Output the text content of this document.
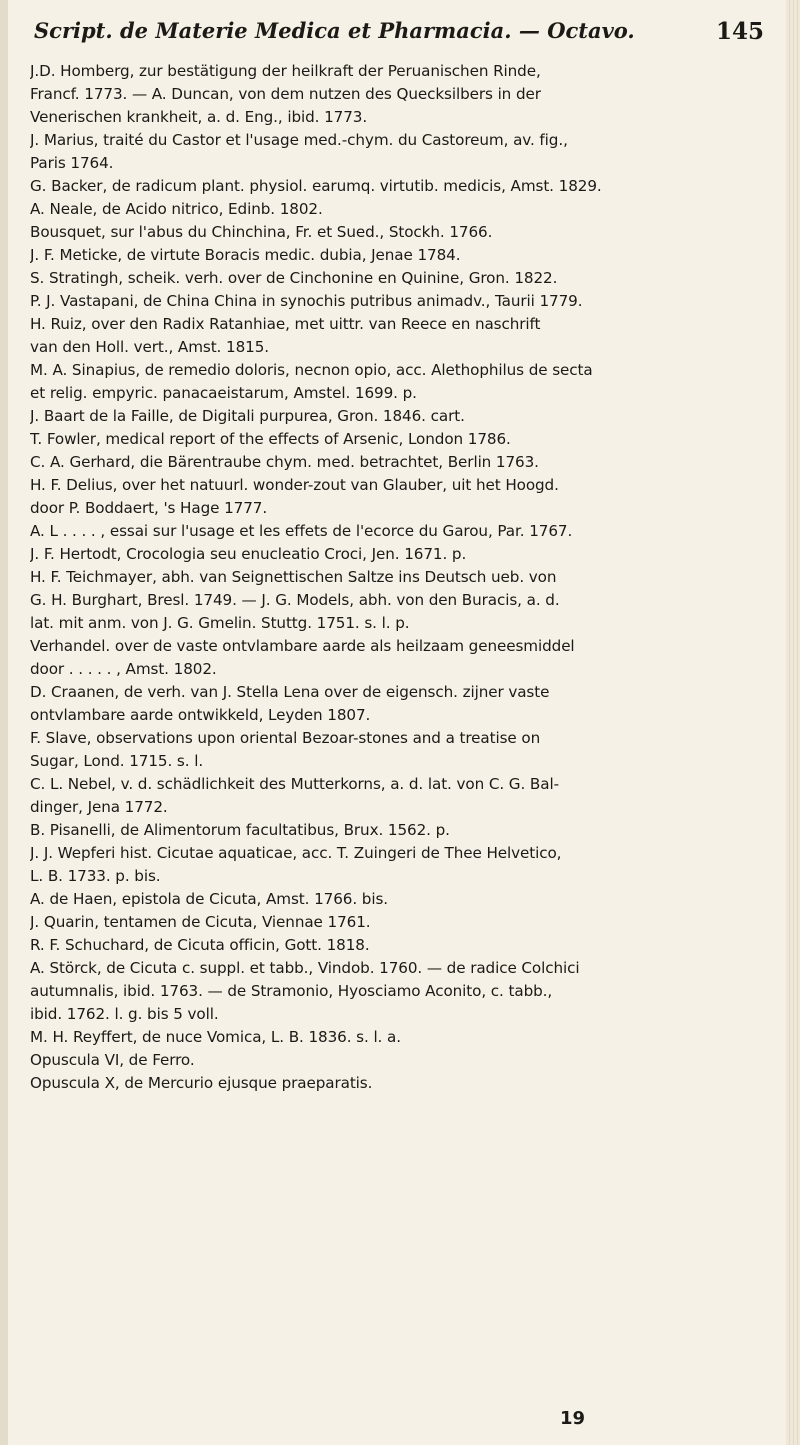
Script. de Materie Medica et Pharmacia. — Octavo.	145
J.D. Homberg, zur bestätigung der heilkraft der Peruanischen Rinde,
Francf. 1773. — A. Duncan, von dem nutzen des Quecksilbers in der
Venerischen krankheit, a. d. Eng., ibid. 1773.
J. Marius, traité du Castor et l'usage med.-chym. du Castoreum, av. fig.,
Paris 1764.
G. Backer, de radicum plant. physiol. earumq. virtutib. medicis, Amst. 1829.
A. Neale, de Acido nitrico, Edinb. 1802.
Bousquet, sur l'abus du Chinchina, Fr. et Sued., Stockh. 1766.
J. F. Meticke, de virtute Boracis medic. dubia, Jenae 1784.
S. Stratingh, scheik. verh. over de Cinchonine en Quinine, Gron. 1822.
P. J. Vastapani, de China China in synochis putribus animadv., Taurii 1779.
H. Ruiz, over den Radix Ratanhiae, met uittr. van Reece en naschrift
van den Holl. vert., Amst. 1815.
M. A. Sinapius, de remedio doloris, necnon opio, acc. Alethophilus de secta
et relig. empyric. panacaeistarum, Amstel. 1699. p.
J. Baart de la Faille, de Digitali purpurea, Gron. 1846. cart.
T. Fowler, medical report of the effects of Arsenic, London 1786.
C. A. Gerhard, die Bärentraube chym. med. betrachtet, Berlin 1763.
H. F. Delius, over het natuurl. wonder-zout van Glauber, uit het Hoogd.
door P. Boddaert, 's Hage 1777.
A. L . . . . , essai sur l'usage et les effets de l'ecorce du Garou, Par. 1767.
J. F. Hertodt, Crocologia seu enucleatio Croci, Jen. 1671. p.
H. F. Teichmayer, abh. van Seignettischen Saltze ins Deutsch ueb. von
G. H. Burghart, Bresl. 1749. — J. G. Models, abh. von den Buracis, a. d.
lat. mit anm. von J. G. Gmelin. Stuttg. 1751. s. l. p.
Verhandel. over de vaste ontvlambare aarde als heilzaam geneesmiddel
door . . . . . , Amst. 1802.
D. Craanen, de verh. van J. Stella Lena over de eigensch. zijner vaste
ontvlambare aarde ontwikkeld, Leyden 1807.
F. Slave, observations upon oriental Bezoar-stones and a treatise on
Sugar, Lond. 1715. s. l.
C. L. Nebel, v. d. schädlichkeit des Mutterkorns, a. d. lat. von C. G. Bal-
dinger, Jena 1772.
B. Pisanelli, de Alimentorum facultatibus, Brux. 1562. p.
J. J. Wepferi hist. Cicutae aquaticae, acc. T. Zuingeri de Thee Helvetico,
L. B. 1733. p. bis.
A. de Haen, epistola de Cicuta, Amst. 1766. bis.
J. Quarin, tentamen de Cicuta, Viennae 1761.
R. F. Schuchard, de Cicuta officin, Gott. 1818.
A. Störck, de Cicuta c. suppl. et tabb., Vindob. 1760. — de radice Colchici
autumnalis, ibid. 1763. — de Stramonio, Hyosciamo Aconito, c. tabb.,
ibid. 1762. l. g. bis 5 voll.
M. H. Reyffert, de nuce Vomica, L. B. 1836. s. l. a.
Opuscula VI, de Ferro.
Opuscula X, de Mercurio ejusque praeparatis.
19
